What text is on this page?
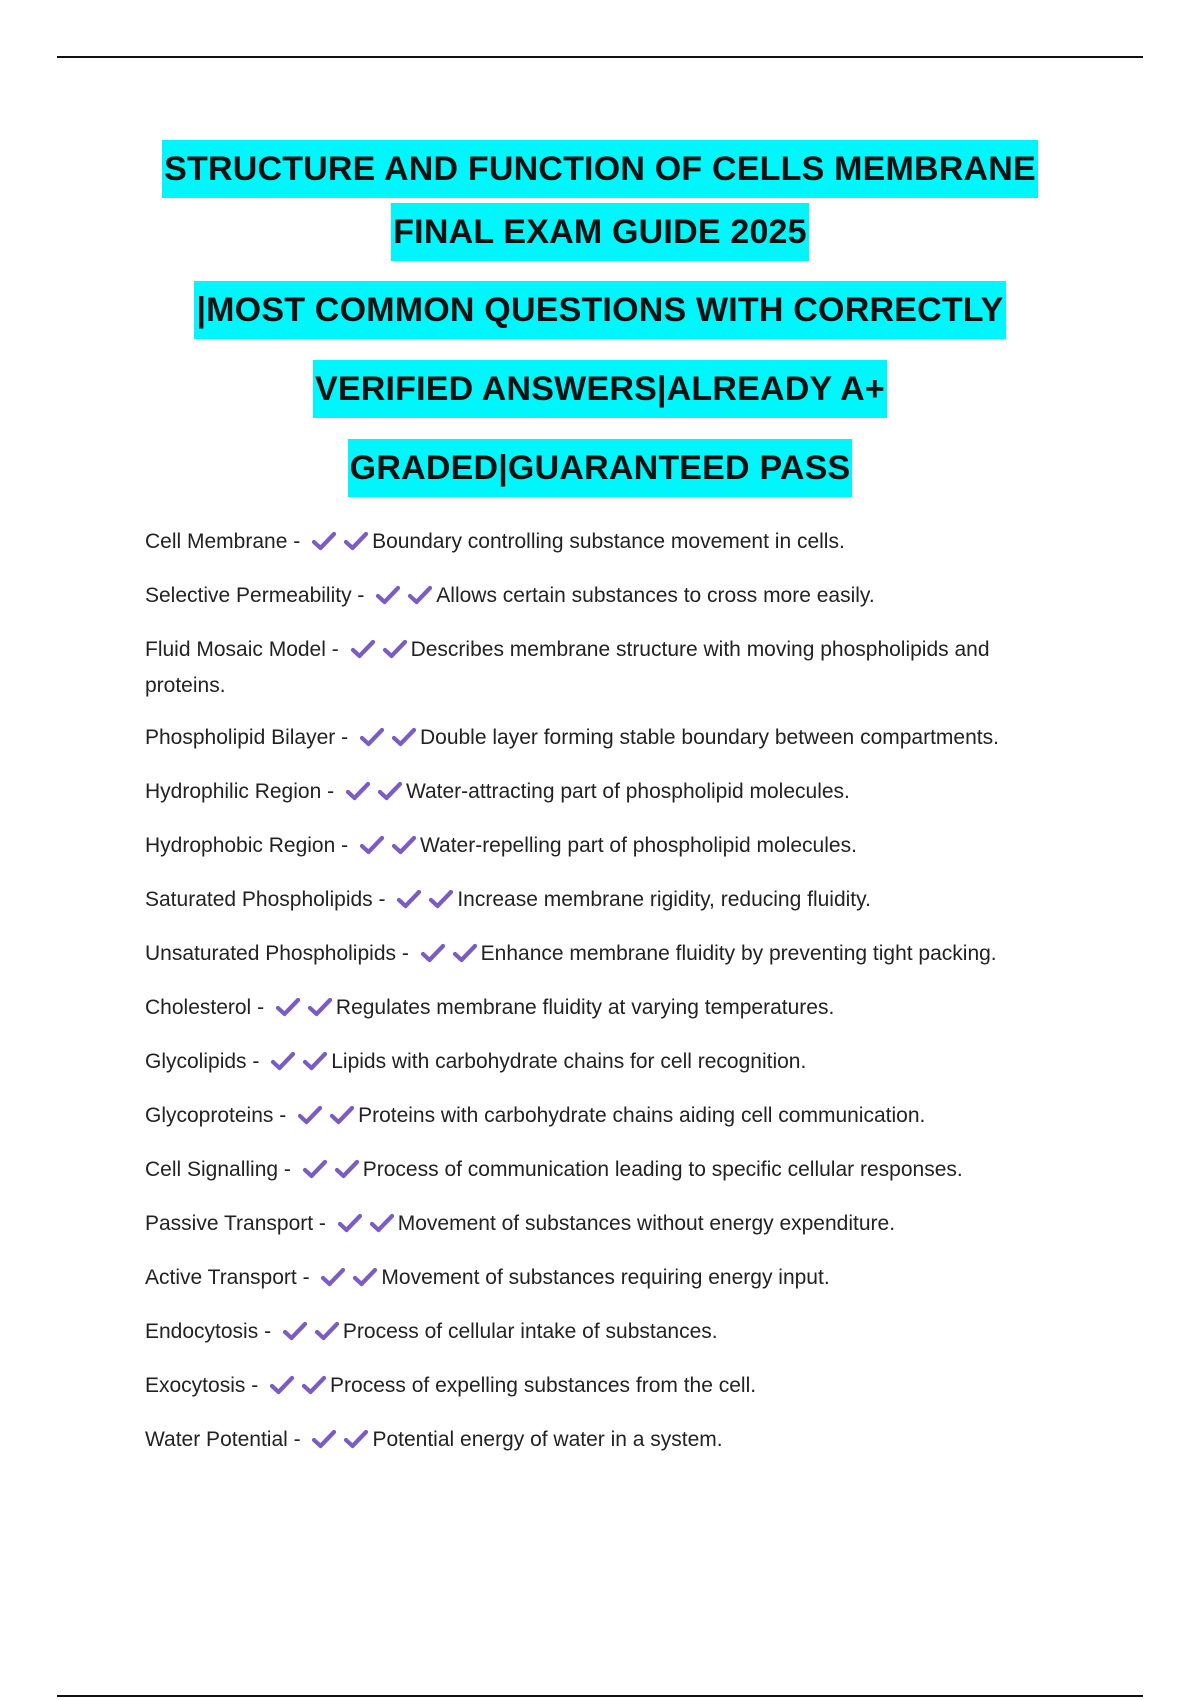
STRUCTURE AND FUNCTION OF CELLS MEMBRANE
FINAL EXAM GUIDE 2025
|MOST COMMON QUESTIONS WITH CORRECTLY
VERIFIED ANSWERS|ALREADY A+
GRADED|GUARANTEED PASS
Cell Membrane -	Boundary controlling substance movement in cells.
Selective Permeability -	Allows certain substances to cross more easily.
Fluid Mosaic Model -	Describes membrane structure with moving phospholipids and proteins.
Phospholipid Bilayer -	Double layer forming stable boundary between compartments.
Hydrophilic Region -	Water-attracting part of phospholipid molecules.
Hydrophobic Region -	Water-repelling part of phospholipid molecules.
Saturated Phospholipids -	Increase membrane rigidity, reducing fluidity.
Unsaturated Phospholipids -	Enhance membrane fluidity by preventing tight packing.
Cholesterol -	Regulates membrane fluidity at varying temperatures.
Glycolipids -	Lipids with carbohydrate chains for cell recognition.
Glycoproteins -	Proteins with carbohydrate chains aiding cell communication.
Cell Signalling -	Process of communication leading to specific cellular responses.
Passive Transport -	Movement of substances without energy expenditure.
Active Transport -	Movement of substances requiring energy input.
Endocytosis -	Process of cellular intake of substances.
Exocytosis -	Process of expelling substances from the cell.
Water Potential -	Potential energy of water in a system.
